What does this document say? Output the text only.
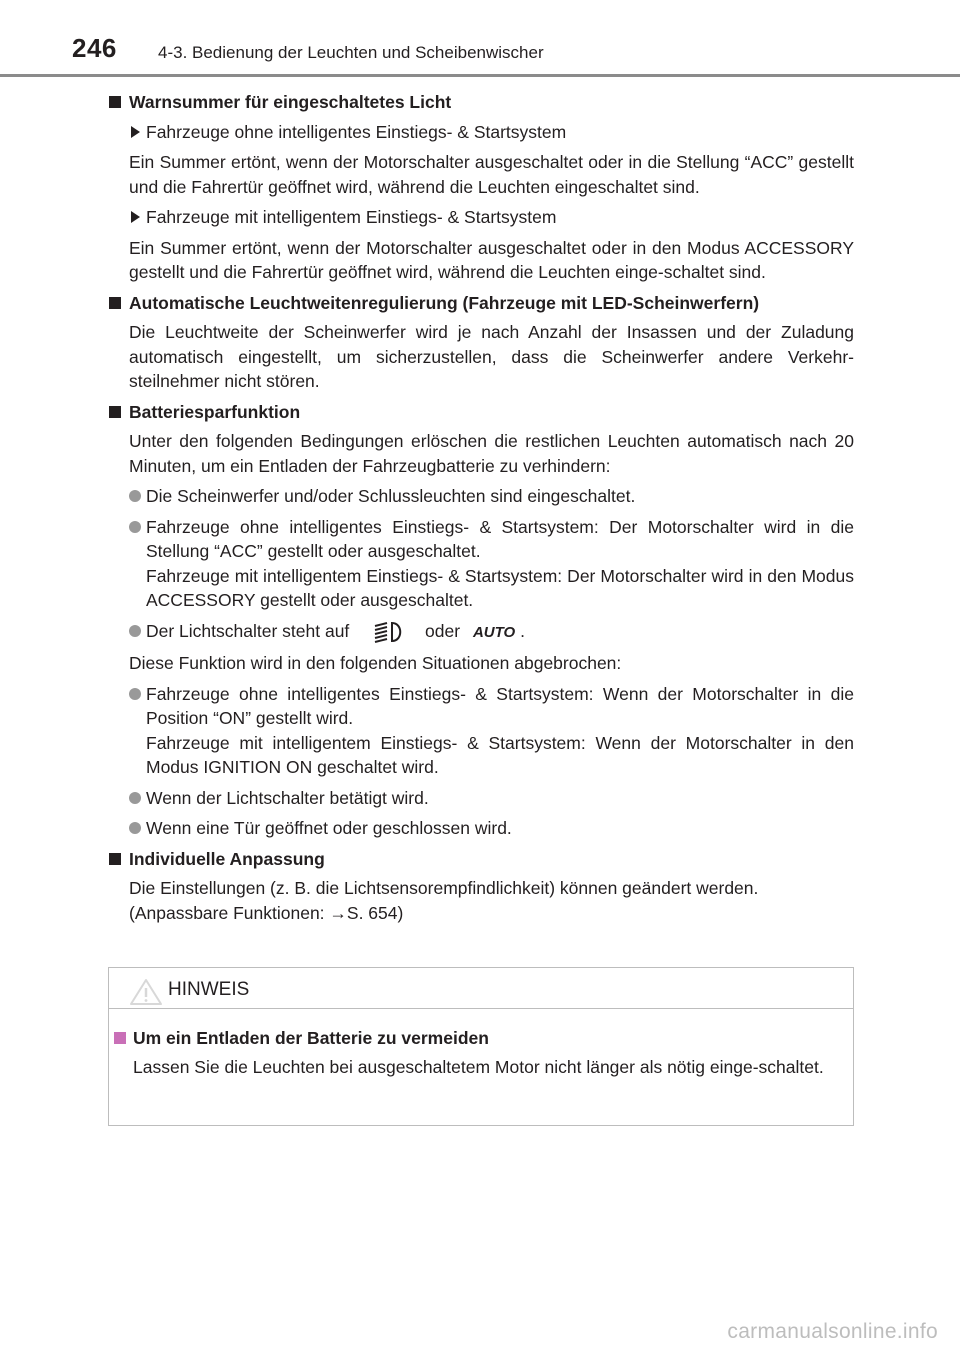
246 4-3. Bedienung der Leuchten und Scheibenwischer
Warnsummer für eingeschaltetes Licht
Fahrzeuge ohne intelligentes Einstiegs- & Startsystem
Ein Summer ertönt, wenn der Motorschalter ausgeschaltet oder in die Stellung “ACC” gestellt und die Fahrertür geöffnet wird, während die Leuchten eingeschaltet sind.
Fahrzeuge mit intelligentem Einstiegs- & Startsystem
Ein Summer ertönt, wenn der Motorschalter ausgeschaltet oder in den Modus ACCESSORY gestellt und die Fahrertür geöffnet wird, während die Leuchten einge-schaltet sind.
Automatische Leuchtweitenregulierung (Fahrzeuge mit LED-Scheinwerfern)
Die Leuchtweite der Scheinwerfer wird je nach Anzahl der Insassen und der Zuladung automatisch eingestellt, um sicherzustellen, dass die Scheinwerfer andere Verkehr-steilnehmer nicht stören.
Batteriesparfunktion
Unter den folgenden Bedingungen erlöschen die restlichen Leuchten automatisch nach 20 Minuten, um ein Entladen der Fahrzeugbatterie zu verhindern:
Die Scheinwerfer und/oder Schlussleuchten sind eingeschaltet.
Fahrzeuge ohne intelligentes Einstiegs- & Startsystem: Der Motorschalter wird in die Stellung “ACC” gestellt oder ausgeschaltet.
Fahrzeuge mit intelligentem Einstiegs- & Startsystem: Der Motorschalter wird in den Modus ACCESSORY gestellt oder ausgeschaltet.
Der Lichtschalter steht auf	oder AUTO .
Diese Funktion wird in den folgenden Situationen abgebrochen:
Fahrzeuge ohne intelligentes Einstiegs- & Startsystem: Wenn der Motorschalter in die Position “ON” gestellt wird.
Fahrzeuge mit intelligentem Einstiegs- & Startsystem: Wenn der Motorschalter in den Modus IGNITION ON geschaltet wird.
Wenn der Lichtschalter betätigt wird.
Wenn eine Tür geöffnet oder geschlossen wird.
Individuelle Anpassung
Die Einstellungen (z. B. die Lichtsensorempfindlichkeit) können geändert werden.
(Anpassbare Funktionen: →S. 654)
HINWEIS
Um ein Entladen der Batterie zu vermeiden
Lassen Sie die Leuchten bei ausgeschaltetem Motor nicht länger als nötig einge-schaltet.
carmanualsonline.info
